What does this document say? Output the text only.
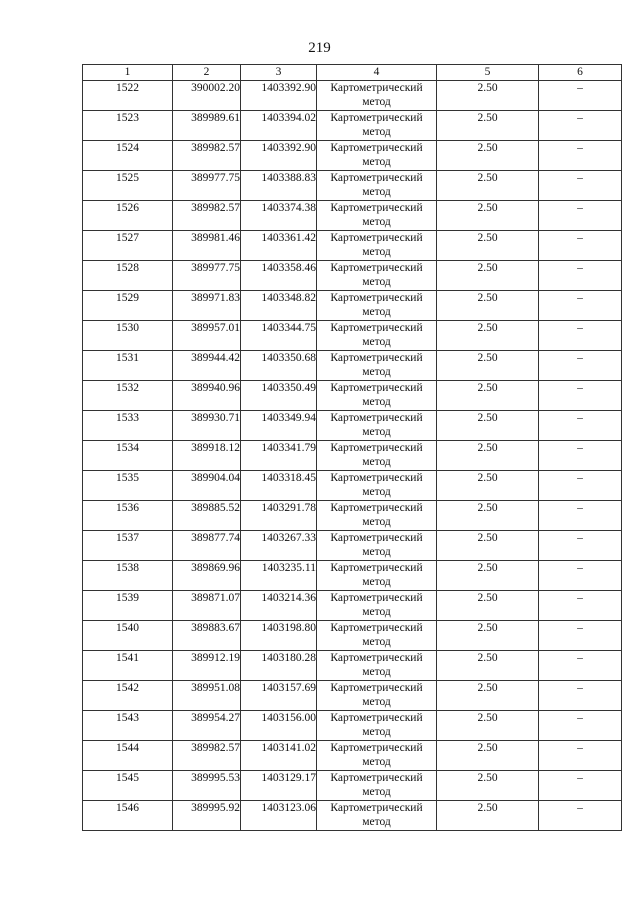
219
1	2	3	4	5	6
1522	390002.20	1403392.90	Картометрический
метод	2.50	–
1523	389989.61	1403394.02	Картометрический
метод	2.50	–
1524	389982.57	1403392.90	Картометрический
метод	2.50	–
1525	389977.75	1403388.83	Картометрический
метод	2.50	–
1526	389982.57	1403374.38	Картометрический
метод	2.50	–
1527	389981.46	1403361.42	Картометрический
метод	2.50	–
1528	389977.75	1403358.46	Картометрический
метод	2.50	–
1529	389971.83	1403348.82	Картометрический
метод	2.50	–
1530	389957.01	1403344.75	Картометрический
метод	2.50	–
1531	389944.42	1403350.68	Картометрический
метод	2.50	–
1532	389940.96	1403350.49	Картометрический
метод	2.50	–
1533	389930.71	1403349.94	Картометрический
метод	2.50	–
1534	389918.12	1403341.79	Картометрический
метод	2.50	–
1535	389904.04	1403318.45	Картометрический
метод	2.50	–
1536	389885.52	1403291.78	Картометрический
метод	2.50	–
1537	389877.74	1403267.33	Картометрический
метод	2.50	–
1538	389869.96	1403235.11	Картометрический
метод	2.50	–
1539	389871.07	1403214.36	Картометрический
метод	2.50	–
1540	389883.67	1403198.80	Картометрический
метод	2.50	–
1541	389912.19	1403180.28	Картометрический
метод	2.50	–
1542	389951.08	1403157.69	Картометрический
метод	2.50	–
1543	389954.27	1403156.00	Картометрический
метод	2.50	–
1544	389982.57	1403141.02	Картометрический
метод	2.50	–
1545	389995.53	1403129.17	Картометрический
метод	2.50	–
1546	389995.92	1403123.06	Картометрический
метод	2.50	–
